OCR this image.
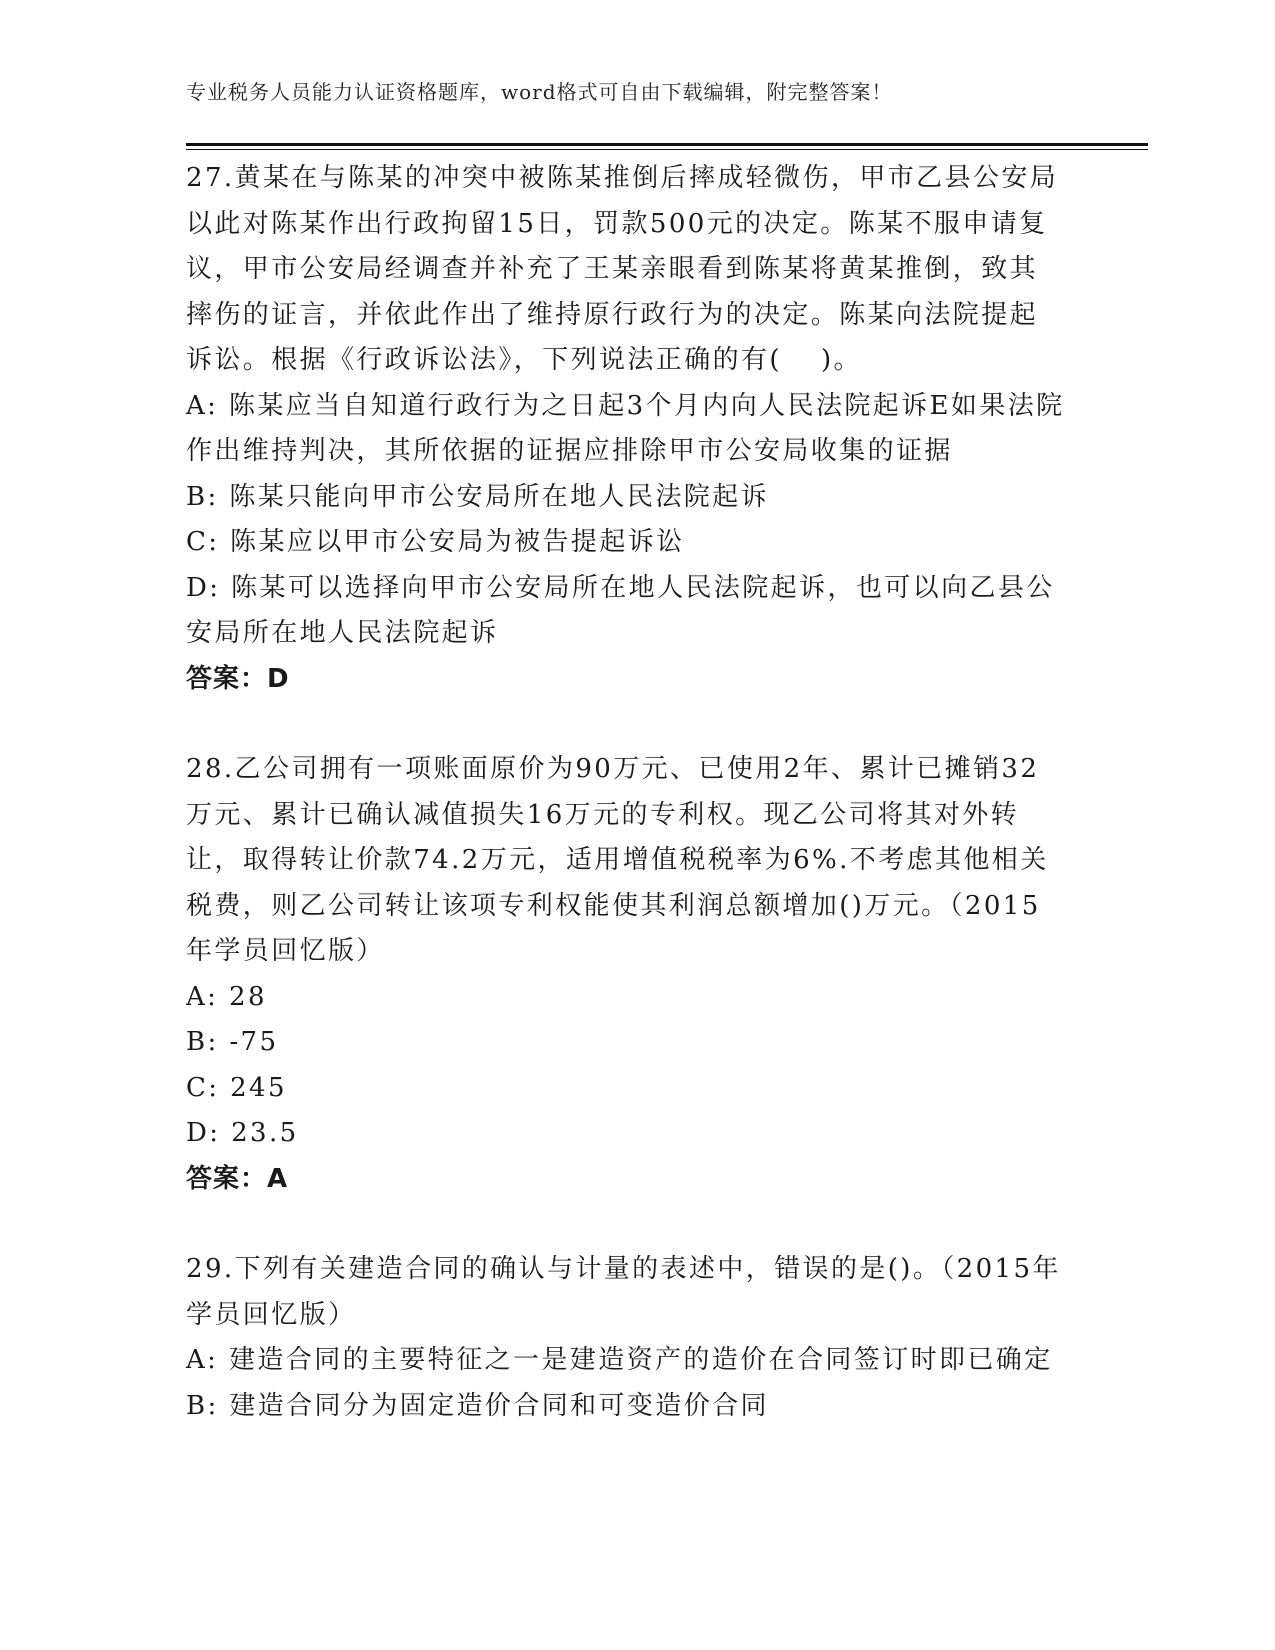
专业税务人员能力认证资格题库，word格式可自由下载编辑，附完整答案！

27.黄某在与陈某的冲突中被陈某推倒后摔成轻微伤，甲市乙县公安局以此对陈某作出行政拘留15日，罚款500元的决定。陈某不服申请复议，甲市公安局经调查并补充了王某亲眼看到陈某将黄某推倒，致其摔伤的证言，并依此作出了维持原行政行为的决定。陈某向法院提起诉讼。根据《行政诉讼法》，下列说法正确的有(　 )。

A: 陈某应当自知道行政行为之日起3个月内向人民法院起诉E如果法院作出维持判决，其所依据的证据应排除甲市公安局收集的证据

B: 陈某只能向甲市公安局所在地人民法院起诉

C: 陈某应以甲市公安局为被告提起诉讼

D: 陈某可以选择向甲市公安局所在地人民法院起诉，也可以向乙县公安局所在地人民法院起诉

答案：D

28.乙公司拥有一项账面原价为90万元、已使用2年、累计已摊销32万元、累计已确认减值损失16万元的专利权。现乙公司将其对外转让，取得转让价款74.2万元，适用增值税税率为6%.不考虑其他相关税费，则乙公司转让该项专利权能使其利润总额增加()万元。（2015年学员回忆版）

A: 28

B: -75

C: 245

D: 23.5

答案：A

29.下列有关建造合同的确认与计量的表述中，错误的是()。（2015年学员回忆版）

A: 建造合同的主要特征之一是建造资产的造价在合同签订时即已确定

B: 建造合同分为固定造价合同和可变造价合同
